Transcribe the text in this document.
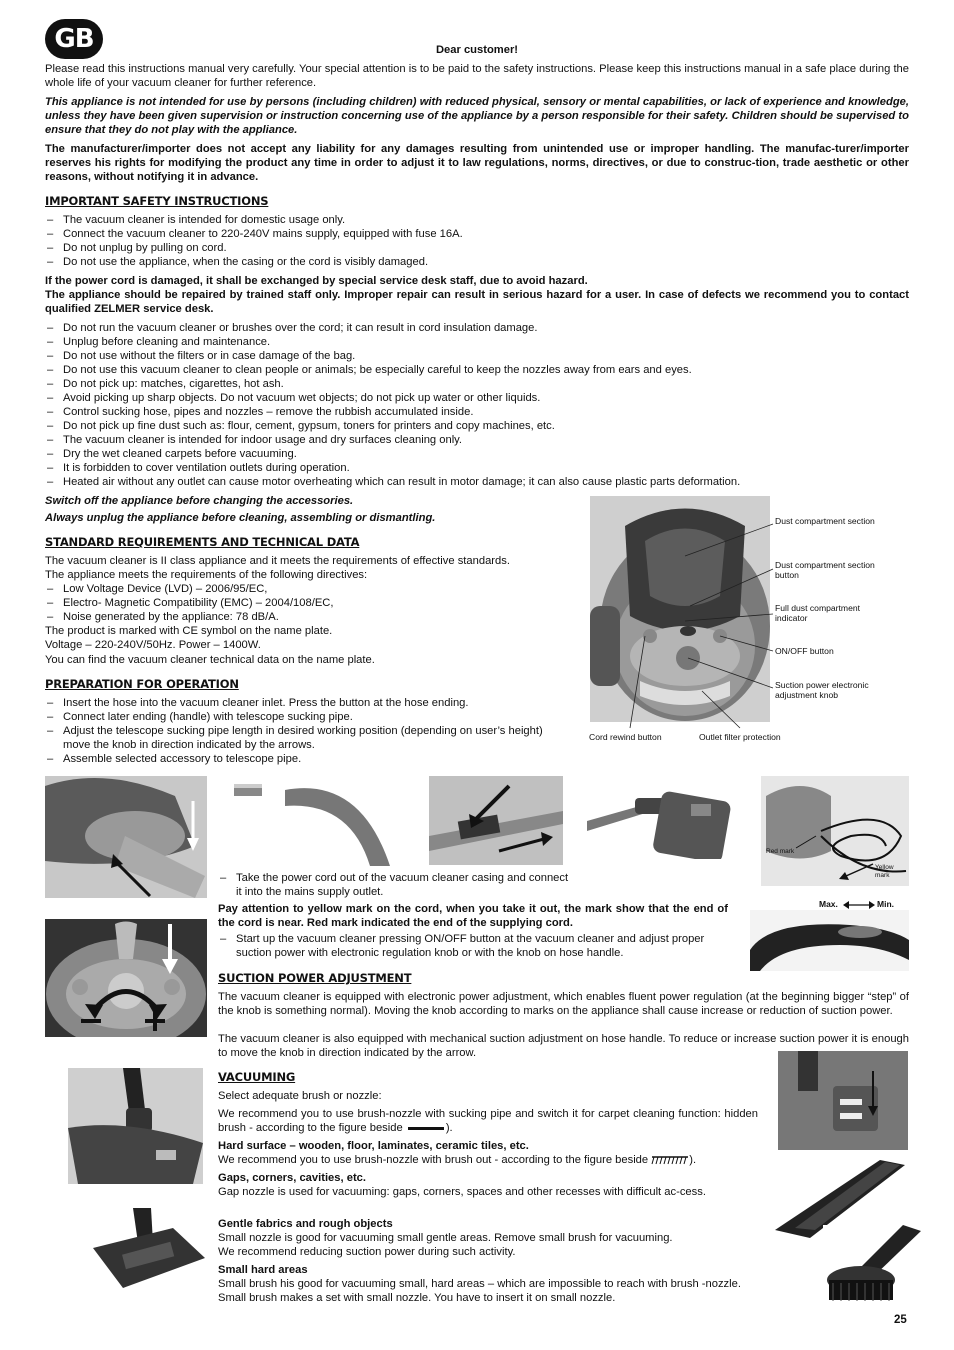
GB	Dear customer!

Please read this instructions manual very carefully. Your special attention is to be paid to the safety instructions. Please keep this instructions manual in a safe place during the whole life of your vacuum cleaner for further reference.

This appliance is not intended for use by persons (including children) with reduced physical, sensory or mental capabilities, or lack of experience and knowledge, unless they have been given supervision or instruction concerning use of the appliance by a person responsible for their safety. Children should be supervised to ensure that they do not play with the appliance.

The manufacturer/importer does not accept any liability for any damages resulting from unintended use or improper handling. The manufac-turer/importer reserves his rights for modifying the product any time in order to adjust it to law regulations, norms, directives, or due to construc-tion, trade aesthetic or other reasons, without notifying it in advance.

IMPORTANT SAFETY INSTRUCTIONS
– The vacuum cleaner is intended for domestic usage only.
– Connect the vacuum cleaner to 220-240V mains supply, equipped with fuse 16A.
– Do not unplug by pulling on cord.
– Do not use the appliance, when the casing or the cord is visibly damaged.

If the power cord is damaged, it shall be exchanged by special service desk staff, due to avoid hazard.

The appliance should be repaired by trained staff only. Improper repair can result in serious hazard for a user. In case of defects we recommend you to contact qualified ZELMER service desk.

– Do not run the vacuum cleaner or brushes over the cord; it can result in cord insulation damage.
– Unplug before cleaning and maintenance.
– Do not use without the filters or in case damage of the bag.
– Do not use this vacuum cleaner to clean people or animals; be especially careful to keep the nozzles away from ears and eyes.
– Do not pick up: matches, cigarettes, hot ash.
– Avoid picking up sharp objects. Do not vacuum wet objects; do not pick up water or other liquids.
– Control sucking hose, pipes and nozzles – remove the rubbish accumulated inside.
– Do not pick up fine dust such as: flour, cement, gypsum, toners for printers and copy machines, etc.
– The vacuum cleaner is intended for indoor usage and dry surfaces cleaning only.
– Dry the wet cleaned carpets before vacuuming.
– It is forbidden to cover ventilation outlets during operation.
– Heated air without any outlet can cause motor overheating which can result in motor damage; it can also cause plastic parts deformation.

Switch off the appliance before changing the accessories.

Always unplug the appliance before cleaning, assembling or dismantling.

STANDARD REQUIREMENTS AND TECHNICAL DATA

The vacuum cleaner is II class appliance and it meets the requirements of effective standards.

The appliance meets the requirements of the following directives:

– Low Voltage Device (LVD) – 2006/95/EC,
– Electro- Magnetic Compatibility (EMC) – 2004/108/EC,
– Noise generated by the appliance: 78 dB/A.

The product is marked with CE symbol on the name plate.

Voltage – 220-240V/50Hz. Power – 1400W.

You can find the vacuum cleaner technical data on the name plate.

PREPARATION FOR OPERATION
– Insert the hose into the vacuum cleaner inlet. Press the button at the hose ending.
– Connect later ending (handle) with telescope sucking pipe.
– Adjust the telescope sucking pipe length in desired working position (depending on user’s height) move the knob in direction indicated by the arrows.
– Assemble selected accessory to telescope pipe.
Dust compartment section
Dust compartment section button
Full dust compartment indicator
ON/OFF button
Suction power electronic adjustment knob
Cord rewind button	Outlet filter protection
Red mark
Yellow mark
– Take the power cord out of the vacuum cleaner casing and connect it into the mains supply outlet.

Pay attention to yellow mark on the cord, when you take it out, the mark show that the end of the cord is near. Red mark indicated the end of the supplying cord.

– Start up the vacuum cleaner pressing ON/OFF button at the vacuum cleaner and adjust proper suction power with electronic regulation knob or with the knob on hose handle.
Max.	Min.
SUCTION POWER ADJUSTMENT

The vacuum cleaner is equipped with electronic power adjustment, which enables fluent power regulation (at the beginning bigger “step” of the knob is something normal). Moving the knob according to marks on the appliance shall cause increase or reduction of suction power.

The vacuum cleaner is also equipped with mechanical suction adjustment on hose handle. To reduce or increase suction power it is enough to move the knob in direction indicated by the arrow.

VACUUMING

Select adequate brush or nozzle:

We recommend you to use brush-nozzle with sucking pipe and switch it for carpet cleaning function: hidden brush - according to the figure beside	).

Hard surface – wooden, floor, laminates, ceramic tiles, etc.

We recommend you to use brush-nozzle with brush out - according to the figure beside	).

Gaps, corners, cavities, etc.

Gap nozzle is used for vacuuming: gaps, corners, spaces and other recesses with difficult ac-cess.

Gentle fabrics and rough objects

Small nozzle is good for vacuuming small gentle areas. Remove small brush for vacuuming.

We recommend reducing suction power during such activity.

Small hard areas

Small brush his good for vacuuming small, hard areas – which are impossible to reach with brush -nozzle.

Small brush makes a set with small nozzle. You have to insert it on small nozzle.

25
